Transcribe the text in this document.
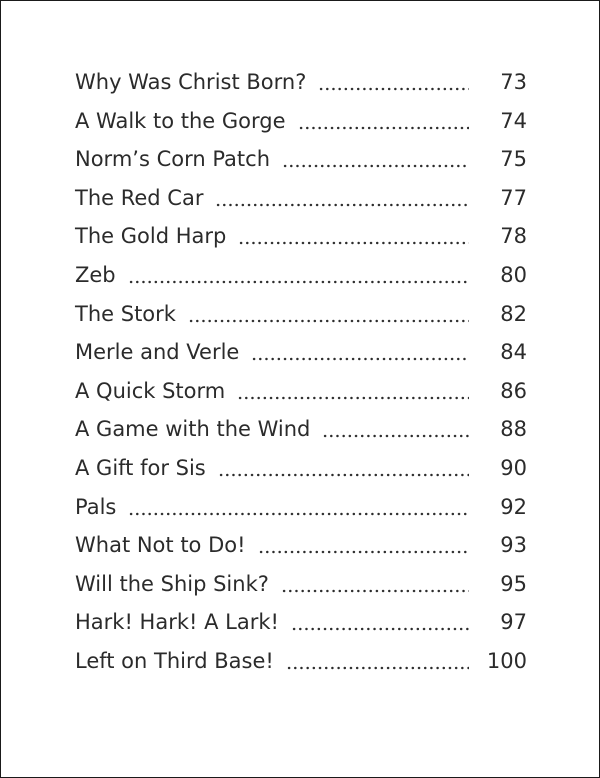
Why Was Christ Born?	73
A Walk to the Gorge	74
Norm’s Corn Patch	75
The Red Car	77
The Gold Harp	78
Zeb	80
The Stork	82
Merle and Verle	84
A Quick Storm	86
A Game with the Wind	88
A Gift for Sis	90
Pals	92
What Not to Do!	93
Will the Ship Sink?	95
Hark! Hark! A Lark!	97
Left on Third Base!	100
